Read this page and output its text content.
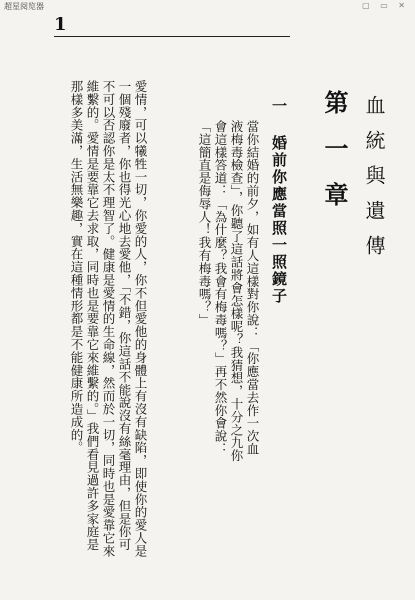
超星阅览器	▢ ▭ ✕
1
第一章 血統與遺傳
一 婚前你應當照一照鏡子
當你結婚的前夕，如有人這樣對你說：「你應當去作一次血液梅毒檢查」，你聽了這話將會怎樣呢？我猜想，十分之九你會這樣答道：「為什麼？我會有梅毒嗎？」再不然你會說：「這簡直是侮辱人！我有梅毒嗎？」
愛情，可以犧牲一切，你愛的人，你不但愛他的身體上有沒有缺陷，即使你的愛人是一個殘廢者，你也得光心地去愛他，「不錯，你這話不能說沒有絲毫理由，但是你可不可以否認你是太不理智了。健康是愛情的生命線，然而於一切，同時也是愛靠它來維繫的。愛情是要靠它去求取，同時也是要靠它來維繫的。」我們看見過許多家庭是那樣多美滿，生活無樂趣，實在這種情形都是不能健康所造成的。
